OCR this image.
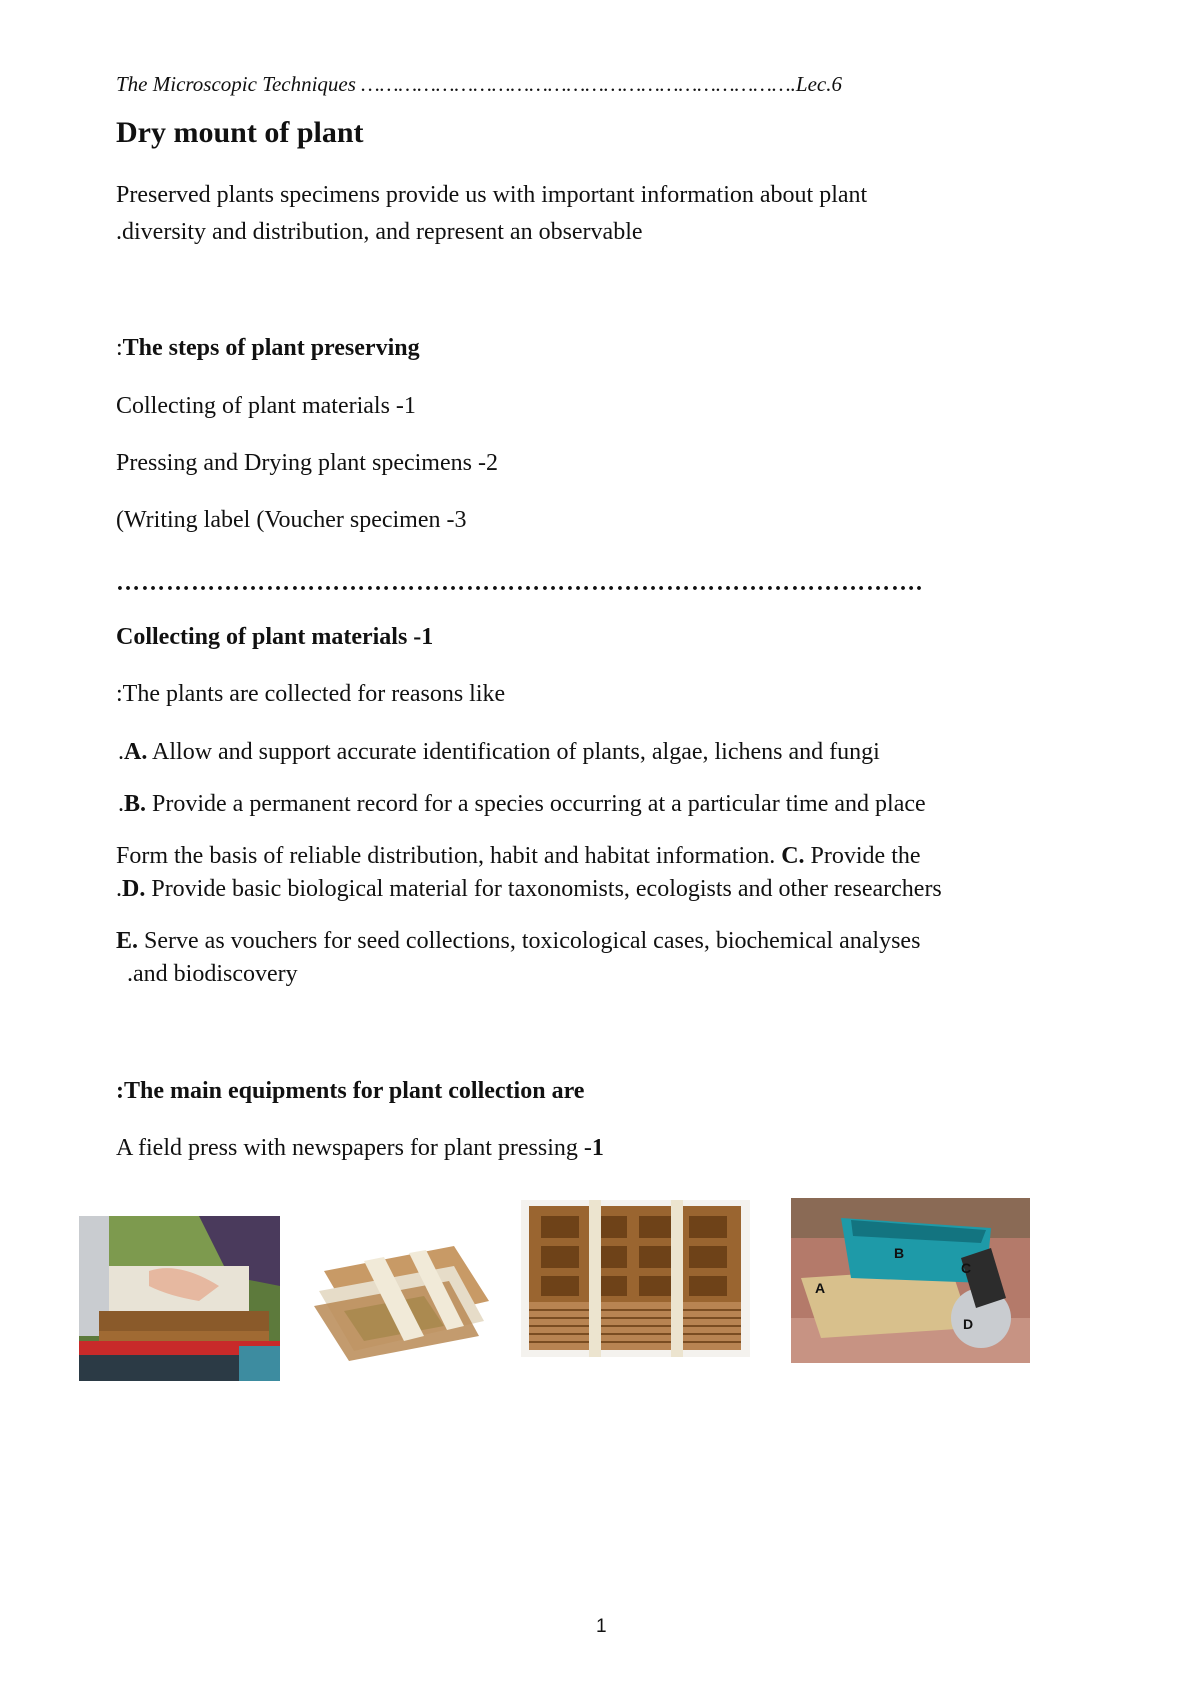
The Microscopic Techniques …………………………………………………………….Lec.6
Dry mount of plant
Preserved plants specimens provide us with important information about plant
.diversity and distribution, and represent an observable
:The steps of plant preserving
Collecting of plant materials -1
Pressing and Drying plant specimens -2
(Writing label (Voucher specimen -3
…………………………………………………………………………………….
Collecting of plant materials -1
:The plants are collected for reasons like
.A. Allow and support accurate identification of plants, algae, lichens and fungi
.B. Provide a permanent record for a species occurring at a particular time and place
Form the basis of reliable distribution, habit and habitat information. C. Provide the
.D. Provide basic biological material for taxonomists, ecologists and other researchers
E. Serve as vouchers for seed collections, toxicological cases, biochemical analyses
.and biodiscovery
:The main equipments for plant collection are
A field press with newspapers for plant pressing -1
A
B
C
D
1
